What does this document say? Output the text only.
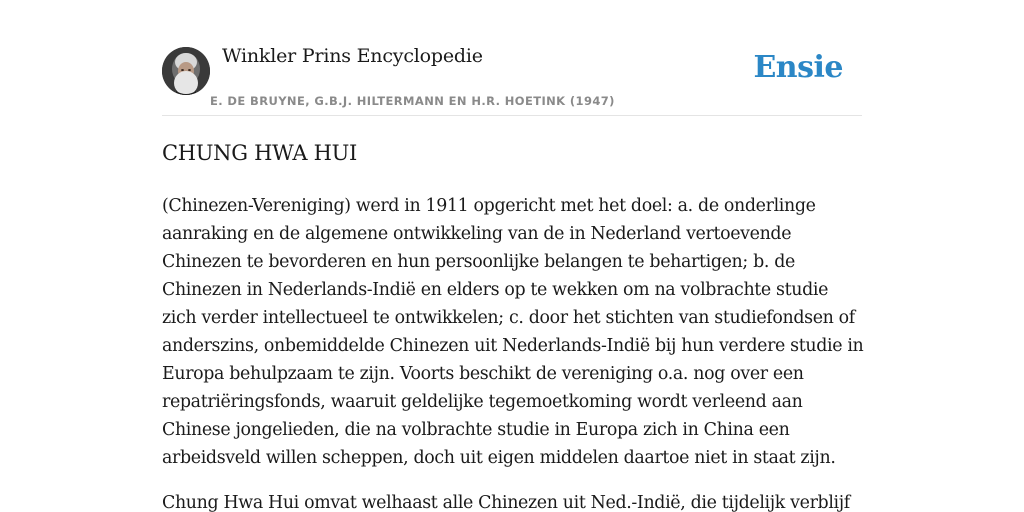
Winkler Prins Encyclopedie
E. DE BRUYNE, G.B.J. HILTERMANN EN H.R. HOETINK (1947)
Ensie
CHUNG HWA HUI

(Chinezen-Vereniging) werd in 1911 opgericht met het doel: a. de onderlinge aanraking en de algemene ontwikkeling van de in Nederland vertoevende Chinezen te bevorderen en hun persoonlijke belangen te behartigen; b. de Chinezen in Nederlands-Indië en elders op te wekken om na volbrachte studie zich verder intellectueel te ontwikkelen; c. door het stichten van studiefondsen of anderszins, onbemiddelde Chinezen uit Nederlands-Indië bij hun verdere studie in Europa behulpzaam te zijn. Voorts beschikt de vereniging o.a. nog over een repatriëringsfonds, waaruit geldelijke tegemoetkoming wordt verleend aan Chinese jongelieden, die na volbrachte studie in Europa zich in China een arbeidsveld willen scheppen, doch uit eigen middelen daartoe niet in staat zijn.

Chung Hwa Hui omvat welhaast alle Chinezen uit Ned.-Indië, die tijdelijk verblijf
